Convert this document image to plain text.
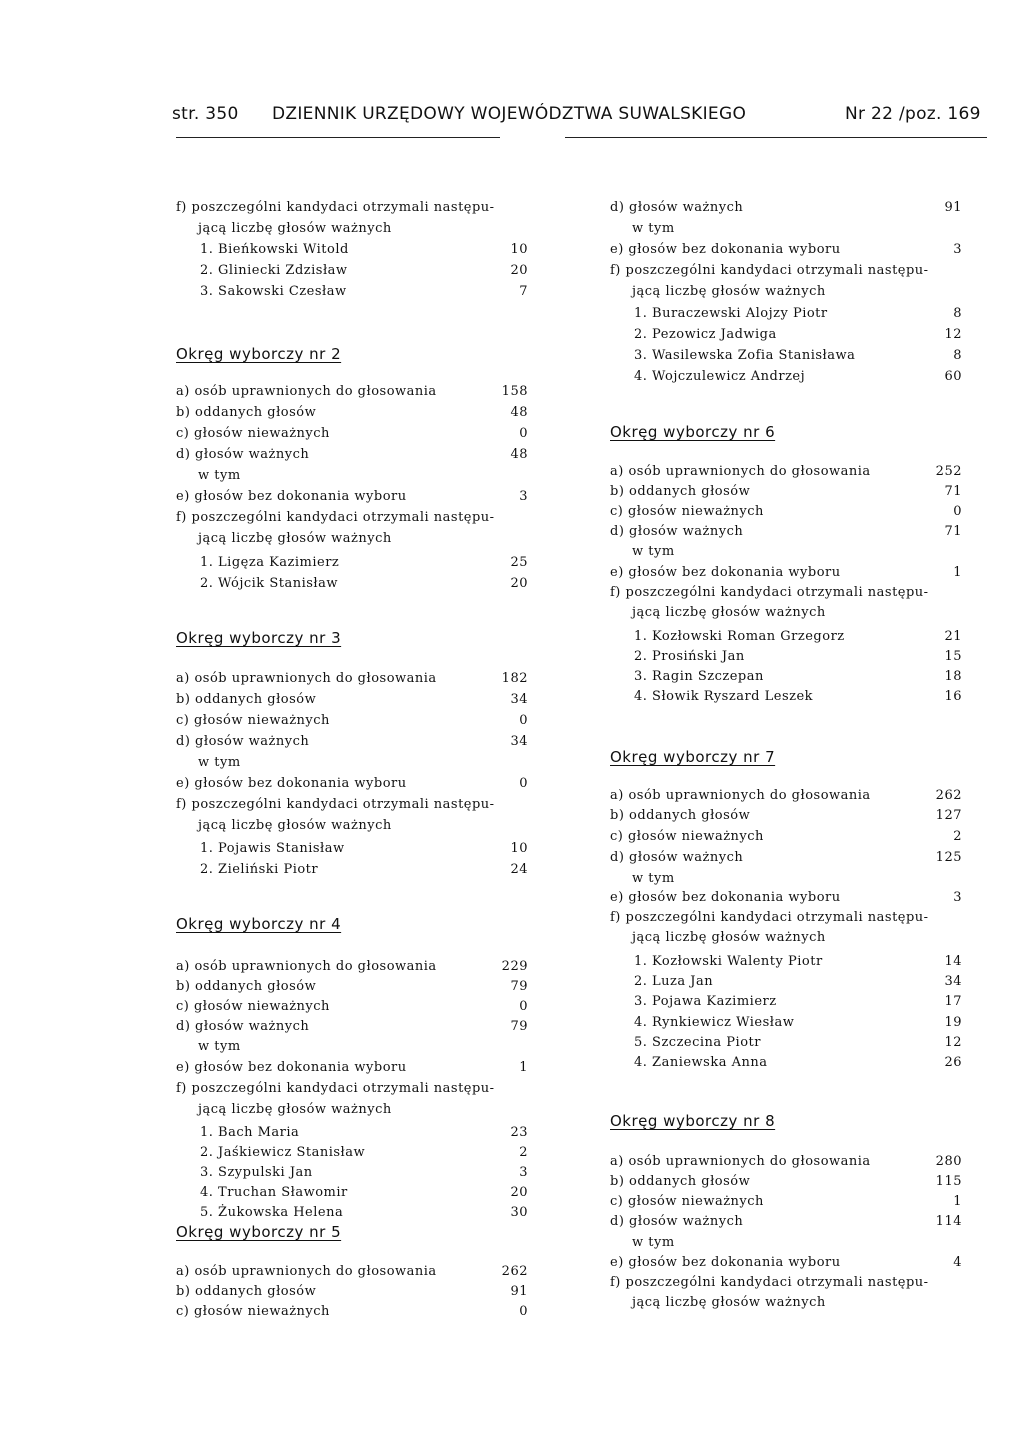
str. 350 DZIENNIK URZĘDOWY WOJEWÓDZTWA SUWALSKIEGO	Nr 22 /poz. 169
f) poszczególni kandydaci otrzymali następu-
jącą liczbę głosów ważnych
1. Bieńkowski Witold	10
2. Gliniecki Zdzisław	20
3. Sakowski Czesław	7
Okręg wyborczy nr 2
a) osób uprawnionych do głosowania	158
b) oddanych głosów	48
c) głosów nieważnych	0
d) głosów ważnych	48
w tym
e) głosów bez dokonania wyboru	3
f) poszczególni kandydaci otrzymali następu-
jącą liczbę głosów ważnych
1. Ligęza Kazimierz	25
2. Wójcik Stanisław	20
Okręg wyborczy nr 3
a) osób uprawnionych do głosowania	182
b) oddanych głosów	34
c) głosów nieważnych	0
d) głosów ważnych	34
w tym
e) głosów bez dokonania wyboru	0
f) poszczególni kandydaci otrzymali następu-
jącą liczbę głosów ważnych
1. Pojawis Stanisław	10
2. Zieliński Piotr	24
Okręg wyborczy nr 4
a) osób uprawnionych do głosowania	229
b) oddanych głosów	79
c) głosów nieważnych	0
d) głosów ważnych	79
w tym
e) głosów bez dokonania wyboru	1
f) poszczególni kandydaci otrzymali następu-
jącą liczbę głosów ważnych
1. Bach Maria	23
2. Jaśkiewicz Stanisław	2
3. Szypulski Jan	3
4. Truchan Sławomir	20
5. Żukowska Helena	30
Okręg wyborczy nr 5
a) osób uprawnionych do głosowania	262
b) oddanych głosów	91
c) głosów nieważnych	0
d) głosów ważnych	91
w tym
e) głosów bez dokonania wyboru	3
f) poszczególni kandydaci otrzymali następu-
jącą liczbę głosów ważnych
1. Buraczewski Alojzy Piotr	8
2. Pezowicz Jadwiga	12
3. Wasilewska Zofia Stanisława	8
4. Wojczulewicz Andrzej	60
Okręg wyborczy nr 6
a) osób uprawnionych do głosowania	252
b) oddanych głosów	71
c) głosów nieważnych	0
d) głosów ważnych	71
w tym
e) głosów bez dokonania wyboru	1
f) poszczególni kandydaci otrzymali następu-
jącą liczbę głosów ważnych
1. Kozłowski Roman Grzegorz	21
2. Prosiński Jan	15
3. Ragin Szczepan	18
4. Słowik Ryszard Leszek	16
Okręg wyborczy nr 7
a) osób uprawnionych do głosowania	262
b) oddanych głosów	127
c) głosów nieważnych	2
d) głosów ważnych	125
w tym
e) głosów bez dokonania wyboru	3
f) poszczególni kandydaci otrzymali następu-
jącą liczbę głosów ważnych
1. Kozłowski Walenty Piotr	14
2. Luza Jan	34
3. Pojawa Kazimierz	17
4. Rynkiewicz Wiesław	19
5. Szczecina Piotr	12
4. Zaniewska Anna	26
Okręg wyborczy nr 8
a) osób uprawnionych do głosowania	280
b) oddanych głosów	115
c) głosów nieważnych	1
d) głosów ważnych	114
w tym
e) głosów bez dokonania wyboru	4
f) poszczególni kandydaci otrzymali następu-
jącą liczbę głosów ważnych
